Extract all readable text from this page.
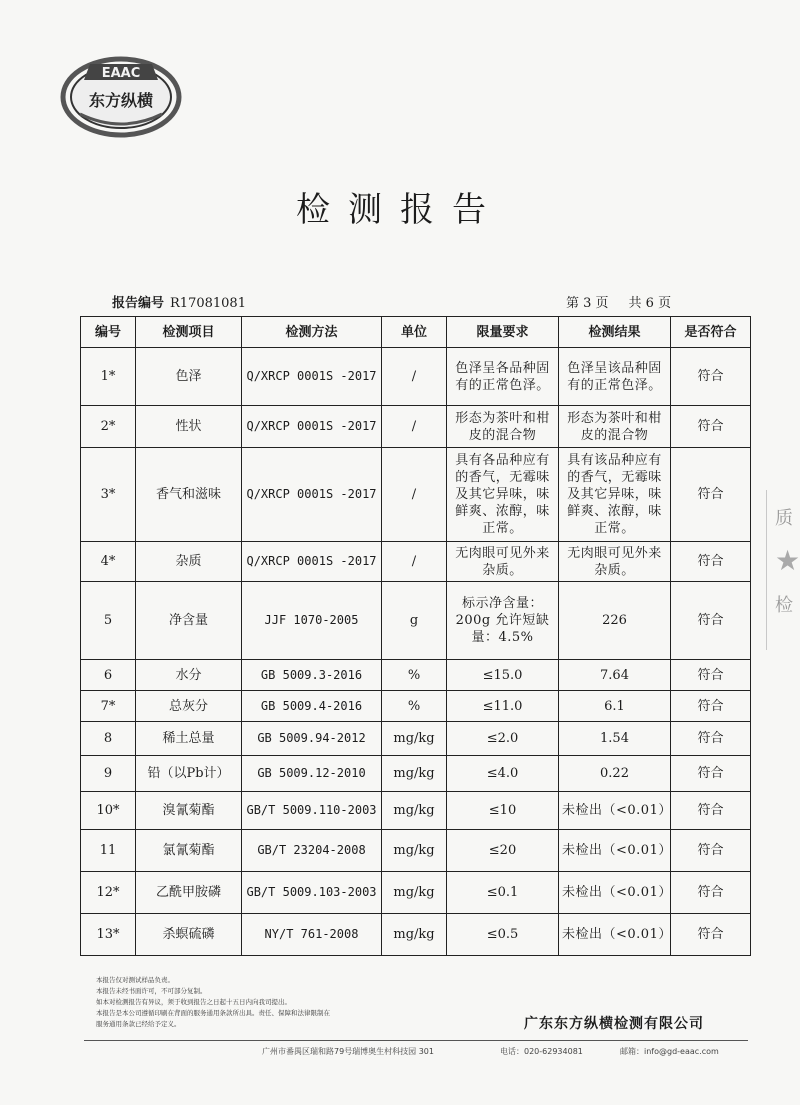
EAAC
东方纵横
检测报告
报告编号 R17081081	第 3 页 共 6 页
编号	检测项目	检测方法	单位	限量要求	检测结果	是否符合
1*	色泽	Q/XRCP 0001S -2017	/	色泽呈各品种固有的正常色泽。	色泽呈该品种固有的正常色泽。	符合
2*	性状	Q/XRCP 0001S -2017	/	形态为茶叶和柑皮的混合物	形态为茶叶和柑皮的混合物	符合
3*	香气和滋味	Q/XRCP 0001S -2017	/	具有各品种应有的香气，无霉味及其它异味，味鲜爽、浓醇，味正常。	具有该品种应有的香气，无霉味及其它异味，味鲜爽、浓醇，味正常。	符合
4*	杂质	Q/XRCP 0001S -2017	/	无肉眼可见外来杂质。	无肉眼可见外来杂质。	符合
5	净含量	JJF 1070-2005	g	标示净含量：200g 允许短缺量：4.5%	226	符合
6	水分	GB 5009.3-2016	%	≤15.0	7.64	符合
7*	总灰分	GB 5009.4-2016	%	≤11.0	6.1	符合
8	稀土总量	GB 5009.94-2012	mg/kg	≤2.0	1.54	符合
9	铅（以Pb计）	GB 5009.12-2010	mg/kg	≤4.0	0.22	符合
10*	溴氰菊酯	GB/T 5009.110-2003	mg/kg	≤10	未检出（<0.01）	符合
11	氯氰菊酯	GB/T 23204-2008	mg/kg	≤20	未检出（<0.01）	符合
12*	乙酰甲胺磷	GB/T 5009.103-2003	mg/kg	≤0.1	未检出（<0.01）	符合
13*	杀螟硫磷	NY/T 761-2008	mg/kg	≤0.5	未检出（<0.01）	符合
本报告仅对测试样品负责。
本报告未经书面许可，不可部分复制。
如本对检测报告有异议，须于收到报告之日起十五日内向我司提出。
本报告是本公司遵循印刷在背面的服务通用条款所出具。责任、保障和法律限制在
服务通用条款已经给予定义。	广东东方纵横检测有限公司
广州市番禺区瑞和路79号瑞博奥生村科技园 301	电话：020-62934081	邮箱：info@gd-eaac.com
质
★
检
